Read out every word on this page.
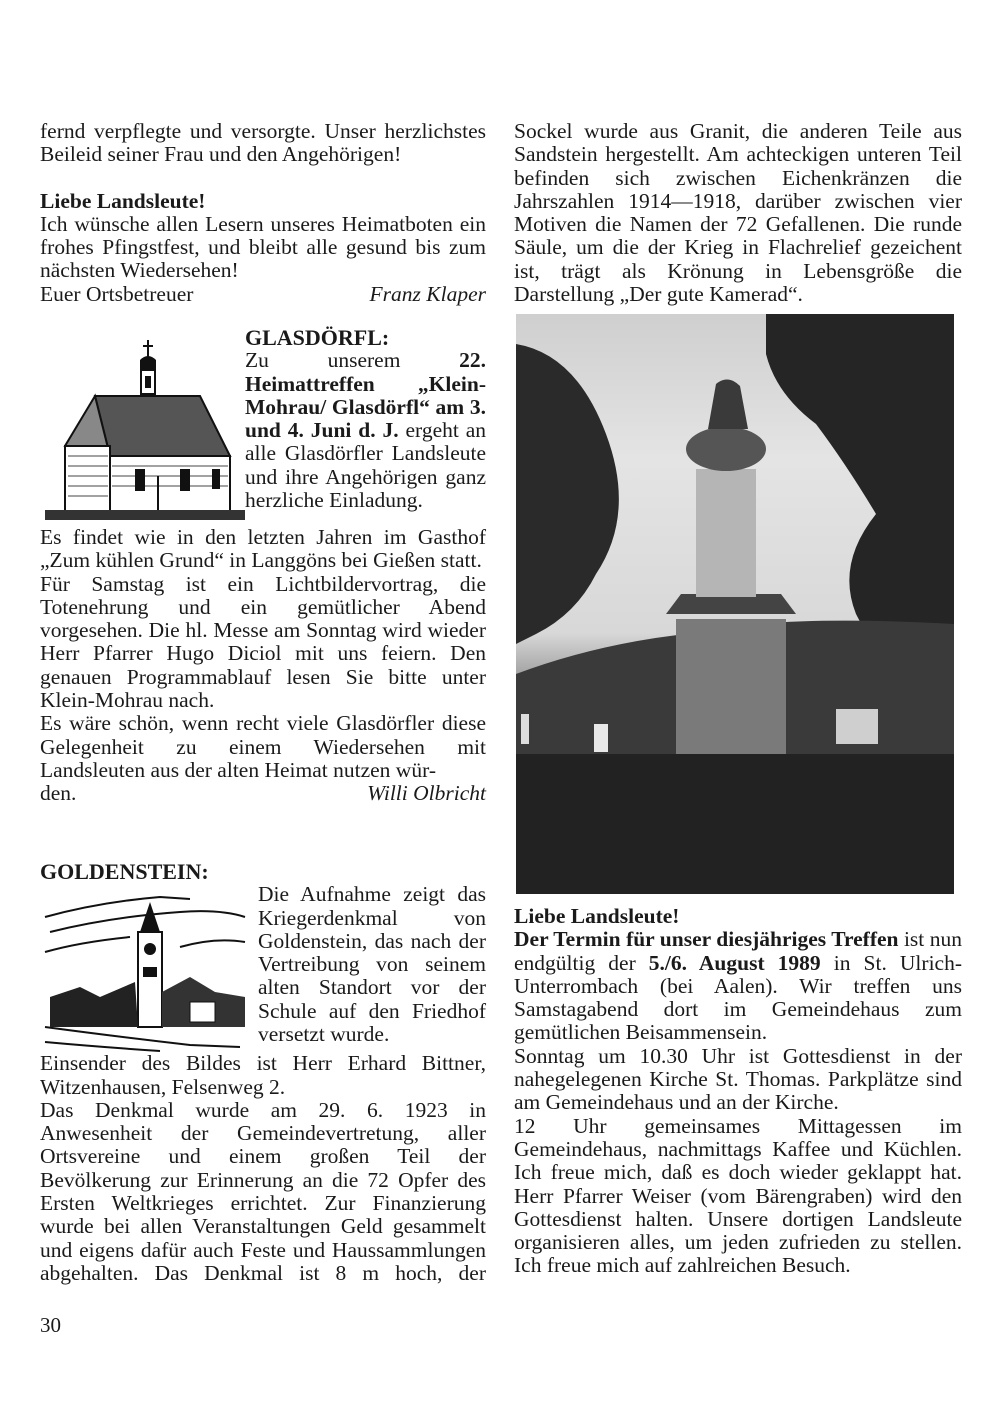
fernd verpflegte und versorgte. Unser herzlichstes Beileid seiner Frau und den Angehörigen!

Liebe Landsleute!

Ich wünsche allen Lesern unseres Heimatboten ein frohes Pfingstfest, und bleibt alle gesund bis zum nächsten Wiedersehen!

Euer Ortsbetreuer	Franz Klaper

GLASDÖRFL:

Zu unserem 22. Heimattreffen „Klein-Mohrau/ Glasdörfl“ am 3. und 4. Juni d. J. ergeht an alle Glasdörfler Landsleute und ihre Angehörigen ganz herzliche Einladung.

Es findet wie in den letzten Jahren im Gasthof „Zum kühlen Grund“ in Langgöns bei Gießen statt.

Für Samstag ist ein Lichtbildervortrag, die Totenehrung und ein gemütlicher Abend vorgesehen. Die hl. Messe am Sonntag wird wieder Herr Pfarrer Hugo Diciol mit uns feiern. Den genauen Programmablauf lesen Sie bitte unter Klein-Mohrau nach.

Es wäre schön, wenn recht viele Glasdörfler diese Gelegenheit zu einem Wiedersehen mit Landsleuten aus der alten Heimat nutzen wür-

den.	Willi Olbricht

GOLDENSTEIN:

Die Aufnahme zeigt das Kriegerdenkmal von Goldenstein, das nach der Vertreibung von seinem alten Standort vor der Schule auf den Friedhof versetzt wurde.

Einsender des Bildes ist Herr Erhard Bittner, Witzenhausen, Felsenweg 2.

Das Denkmal wurde am 29. 6. 1923 in Anwesenheit der Gemeindevertretung, aller Ortsvereine und einem großen Teil der Bevölkerung zur Erinnerung an die 72 Opfer des Ersten Weltkrieges errichtet. Zur Finanzierung wurde bei allen Veranstaltungen Geld gesammelt und eigens dafür auch Feste und Haussammlungen abgehalten. Das Denkmal ist 8 m hoch, der

Sockel wurde aus Granit, die anderen Teile aus Sandstein hergestellt. Am achteckigen unteren Teil befinden sich zwischen Eichenkränzen die Jahrszahlen 1914—1918, darüber zwischen vier Motiven die Namen der 72 Gefallenen. Die runde Säule, um die der Krieg in Flachrelief gezeichent ist, trägt als Krönung in Lebensgröße die Darstellung „Der gute Kamerad“.

Liebe Landsleute!

Der Termin für unser diesjähriges Treffen ist nun endgültig der 5./6. August 1989 in St. Ulrich-Unterrombach (bei Aalen). Wir treffen uns Samstagabend dort im Gemeindehaus zum gemütlichen Beisammensein.

Sonntag um 10.30 Uhr ist Gottesdienst in der nahegelegenen Kirche St. Thomas. Parkplätze sind am Gemeindehaus und an der Kirche.

12 Uhr gemeinsames Mittagessen im Gemeindehaus, nachmittags Kaffee und Küchlen. Ich freue mich, daß es doch wieder geklappt hat. Herr Pfarrer Weiser (vom Bärengraben) wird den Gottesdienst halten. Unsere dortigen Landsleute organisieren alles, um jeden zufrieden zu stellen. Ich freue mich auf zahlreichen Besuch.

30
